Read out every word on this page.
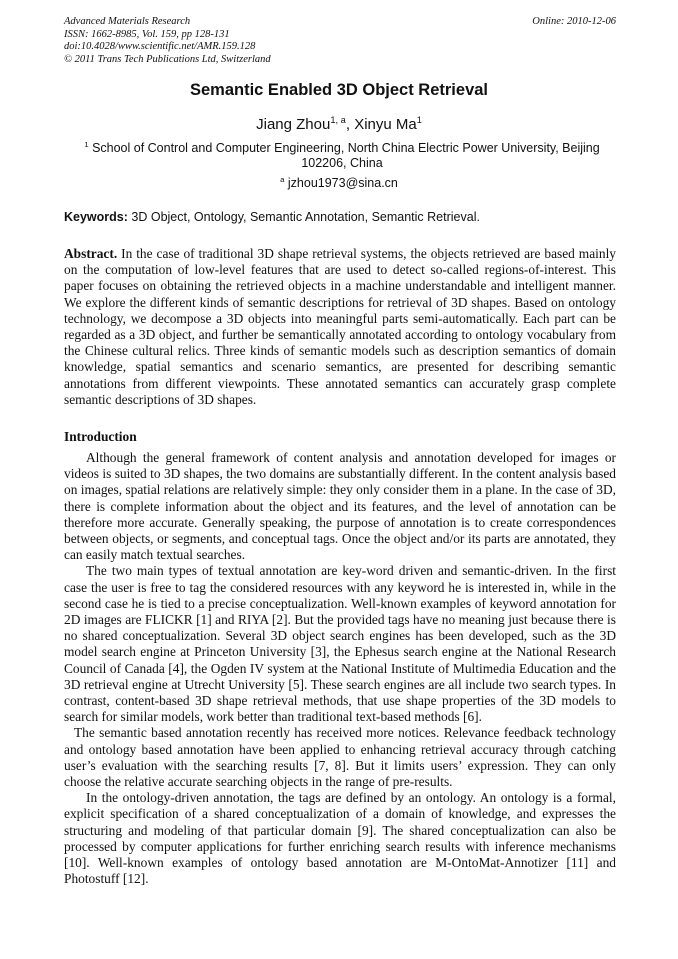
Advanced Materials Research
ISSN: 1662-8985, Vol. 159, pp 128-131
doi:10.4028/www.scientific.net/AMR.159.128
© 2011 Trans Tech Publications Ltd, Switzerland
Online: 2010-12-06
Semantic Enabled 3D Object Retrieval
Jiang Zhou$^{1, a}$, Xinyu Ma$^1$
$^1$ School of Control and Computer Engineering, North China Electric Power University, Beijing 102206, China
$^a$ jzhou1973@sina.cn
Keywords: 3D Object, Ontology, Semantic Annotation, Semantic Retrieval.

Abstract. In the case of traditional 3D shape retrieval systems, the objects retrieved are based mainly on the computation of low-level features that are used to detect so-called regions-of-interest. This paper focuses on obtaining the retrieved objects in a machine understandable and intelligent manner. We explore the different kinds of semantic descriptions for retrieval of 3D shapes. Based on ontology technology, we decompose a 3D objects into meaningful parts semi-automatically. Each part can be regarded as a 3D object, and further be semantically annotated according to ontology vocabulary from the Chinese cultural relics. Three kinds of semantic models such as description semantics of domain knowledge, spatial semantics and scenario semantics, are presented for describing semantic annotations from different viewpoints. These annotated semantics can accurately grasp complete semantic descriptions of 3D shapes.

Introduction

Although the general framework of content analysis and annotation developed for images or videos is suited to 3D shapes, the two domains are substantially different. In the content analysis based on images, spatial relations are relatively simple: they only consider them in a plane. In the case of 3D, there is complete information about the object and its features, and the level of annotation can be therefore more accurate. Generally speaking, the purpose of annotation is to create correspondences between objects, or segments, and conceptual tags. Once the object and/or its parts are annotated, they can easily match textual searches.

The two main types of textual annotation are key-word driven and semantic-driven. In the first case the user is free to tag the considered resources with any keyword he is interested in, while in the second case he is tied to a precise conceptualization. Well-known examples of keyword annotation for 2D images are FLICKR [1] and RIYA [2]. But the provided tags have no meaning just because there is no shared conceptualization. Several 3D object search engines has been developed, such as the 3D model search engine at Princeton University [3], the Ephesus search engine at the National Research Council of Canada [4], the Ogden IV system at the National Institute of Multimedia Education and the 3D retrieval engine at Utrecht University [5]. These search engines are all include two search types. In contrast, content-based 3D shape retrieval methods, that use shape properties of the 3D models to search for similar models, work better than traditional text-based methods [6].

The semantic based annotation recently has received more notices. Relevance feedback technology and ontology based annotation have been applied to enhancing retrieval accuracy through catching user’s evaluation with the searching results [7, 8]. But it limits users’ expression. They can only choose the relative accurate searching objects in the range of pre-results.

In the ontology-driven annotation, the tags are defined by an ontology. An ontology is a formal, explicit specification of a shared conceptualization of a domain of knowledge, and expresses the structuring and modeling of that particular domain [9]. The shared conceptualization can also be processed by computer applications for further enriching search results with inference mechanisms [10]. Well-known examples of ontology based annotation are M-OntoMat-Annotizer [11] and Photostuff [12].
